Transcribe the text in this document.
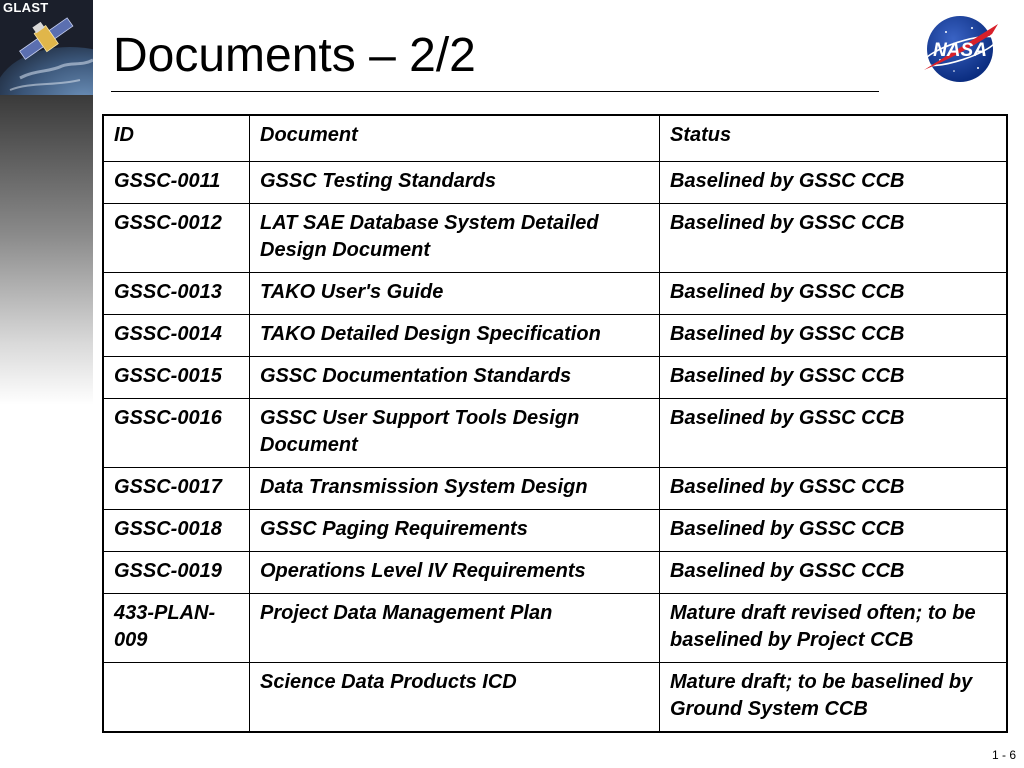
GLAST
Documents – 2/2	NASA
ID	Document	Status
GSSC-0011	GSSC Testing Standards	Baselined by GSSC CCB
GSSC-0012	LAT SAE Database System Detailed Design Document	Baselined by GSSC CCB
GSSC-0013	TAKO User's Guide	Baselined by GSSC CCB
GSSC-0014	TAKO Detailed Design Specification	Baselined by GSSC CCB
GSSC-0015	GSSC Documentation Standards	Baselined by GSSC CCB
GSSC-0016	GSSC User Support Tools Design Document	Baselined by GSSC CCB
GSSC-0017	Data Transmission System Design	Baselined by GSSC CCB
GSSC-0018	GSSC Paging Requirements	Baselined by GSSC CCB
GSSC-0019	Operations Level IV Requirements	Baselined by GSSC CCB
433-PLAN-009	Project Data Management Plan	Mature draft revised often; to be baselined by Project CCB
	Science Data Products ICD	Mature draft; to be baselined by Ground System CCB
1 - 6
